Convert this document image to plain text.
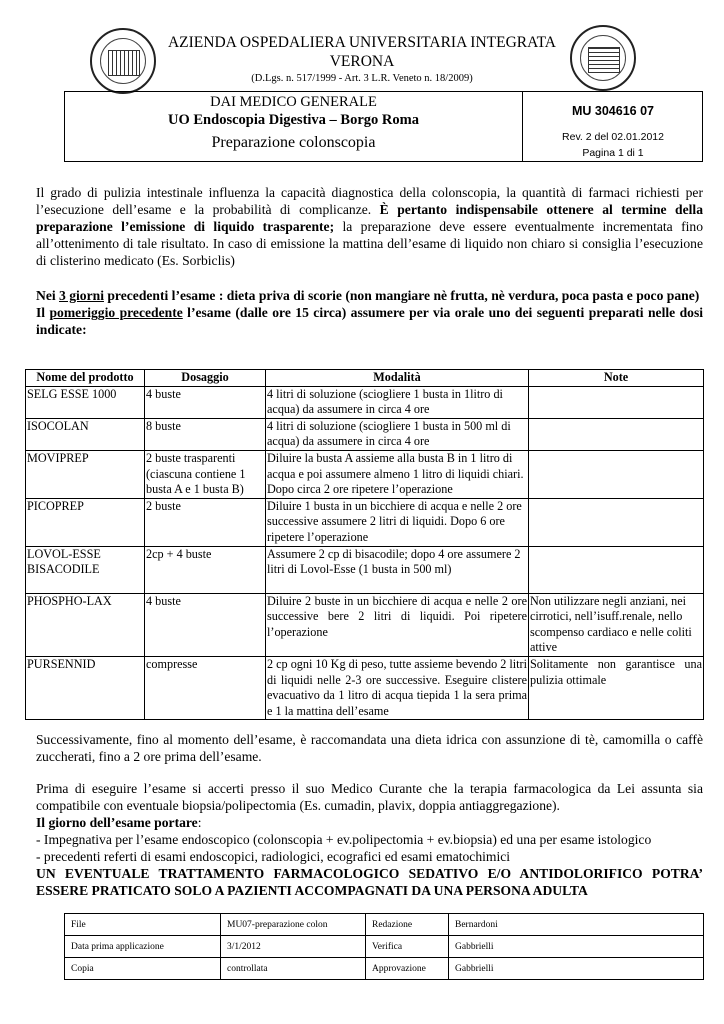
AZIENDA OSPEDALIERA UNIVERSITARIA INTEGRATA
VERONA
(D.Lgs. n. 517/1999 - Art. 3 L.R. Veneto n. 18/2009)
DAI MEDICO GENERALE
UO Endoscopia Digestiva – Borgo Roma
Preparazione colonscopia
MU 304616 07
Rev. 2 del 02.01.2012
Pagina 1 di 1

Il grado di pulizia intestinale influenza la capacità diagnostica della colonscopia, la quantità di farmaci richiesti per l’esecuzione dell’esame e la probabilità di complicanze. È pertanto indispensabile ottenere al termine della preparazione l’emissione di liquido trasparente; la preparazione deve essere eventualmente incrementata fino all’ottenimento di tale risultato. In caso di emissione la mattina dell’esame di liquido non chiaro si consiglia l’esecuzione di clisterino medicato (Es. Sorbiclis)

Nei 3 giorni precedenti l’esame : dieta priva di scorie (non mangiare nè frutta, nè verdura, poca pasta e poco pane)

Il pomeriggio precedente l’esame (dalle ore 15 circa) assumere per via orale uno dei seguenti preparati nelle dosi indicate:

Nome del prodotto	Dosaggio	Modalità	Note
SELG ESSE 1000	4 buste	4 litri di soluzione (sciogliere 1 busta in 1litro di acqua) da assumere in circa 4 ore	
ISOCOLAN	8 buste	4 litri di soluzione (sciogliere 1 busta in 500 ml di acqua) da assumere in circa 4 ore	
MOVIPREP	2 buste trasparenti (ciascuna contiene 1 busta A e 1 busta B)	Diluire la busta A assieme alla busta B in 1 litro di acqua e poi assumere almeno 1 litro di liquidi chiari. Dopo circa 2 ore ripetere l’operazione	
PICOPREP	2 buste	Diluire 1 busta in un bicchiere di acqua e nelle 2 ore successive assumere 2 litri di liquidi. Dopo 6 ore ripetere l’operazione	
LOVOL-ESSE BISACODILE	2cp + 4 buste	Assumere 2 cp di bisacodile; dopo 4 ore assumere 2 litri di Lovol-Esse (1 busta in 500 ml)	
PHOSPHO-LAX	4 buste	Diluire 2 buste in un bicchiere di acqua e nelle 2 ore successive bere 2 litri di liquidi. Poi ripetere l’operazione	Non utilizzare negli anziani, nei cirrotici, nell’isuff.renale, nello scompenso cardiaco e nelle coliti attive
PURSENNID	compresse	2 cp ogni 10 Kg di peso, tutte assieme bevendo 2 litri di liquidi nelle 2-3 ore successive. Eseguire clistere evacuativo da 1 litro di acqua tiepida 1 la sera prima e 1 la mattina dell’esame	Solitamente non garantisce una pulizia ottimale
Successivamente, fino al momento dell’esame, è raccomandata una dieta idrica con assunzione di tè, camomilla o caffè zuccherati, fino a 2 ore prima dell’esame.

Prima di eseguire l’esame si accerti presso il suo Medico Curante che la terapia farmacologica da Lei assunta sia compatibile con eventuale biopsia/polipectomia (Es. cumadin, plavix, doppia antiaggregazione).

Il giorno dell’esame portare:

- Impegnativa per l’esame endoscopico (colonscopia + ev.polipectomia + ev.biopsia) ed una per esame istologico

- precedenti referti di esami endoscopici, radiologici, ecografici ed esami ematochimici

UN EVENTUALE TRATTAMENTO FARMACOLOGICO SEDATIVO E/O ANTIDOLORIFICO POTRA’ ESSERE PRATICATO SOLO A PAZIENTI ACCOMPAGNATI DA UNA PERSONA ADULTA

File	MU07-preparazione colon	Redazione	Bernardoni
Data prima applicazione	3/1/2012	Verifica	Gabbrielli
Copia	controllata	Approvazione	Gabbrielli
